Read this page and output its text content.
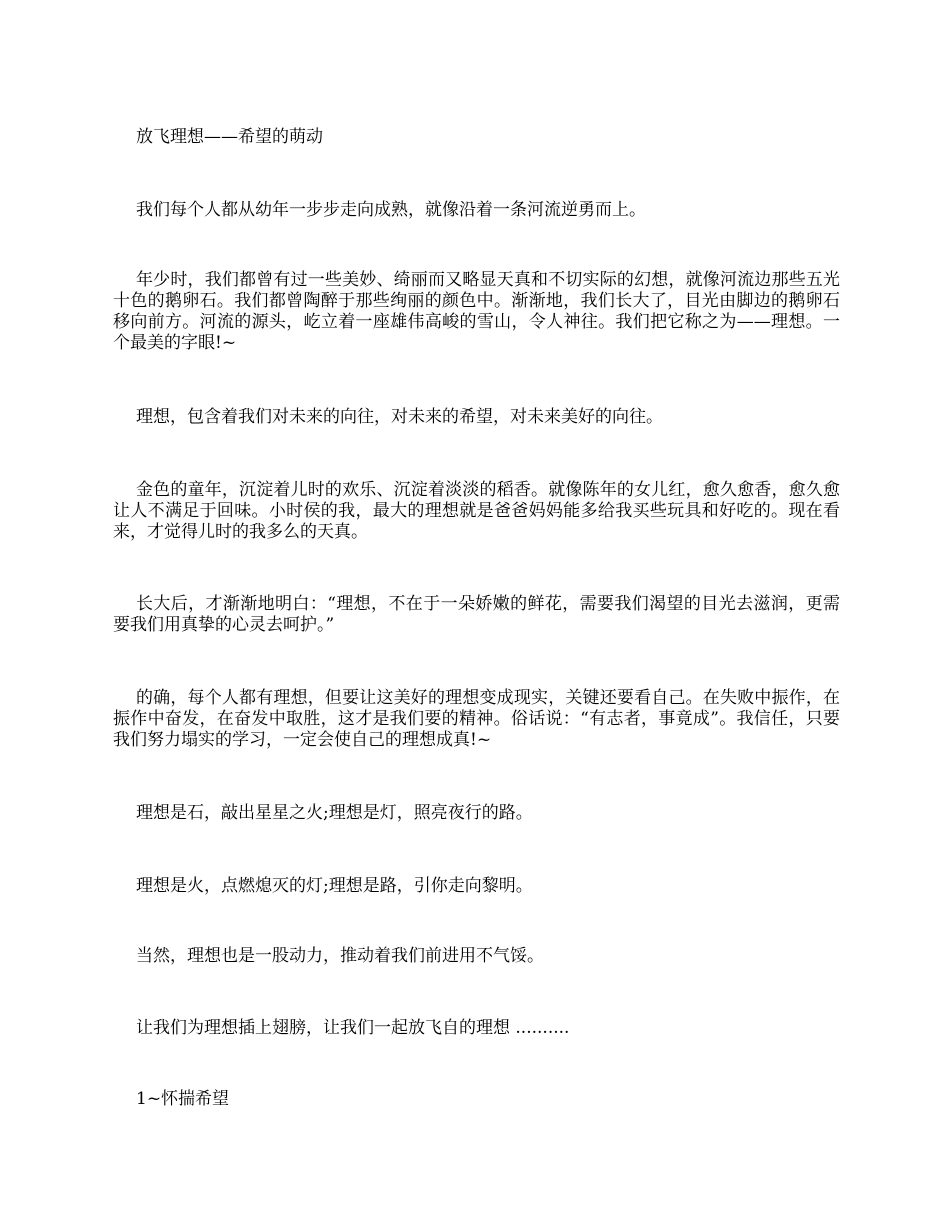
放飞理想——希望的萌动

我们每个人都从幼年一步步走向成熟，就像沿着一条河流逆勇而上。

年少时，我们都曾有过一些美妙、绮丽而又略显天真和不切实际的幻想，就像河流边那些五光十色的鹅卵石。我们都曾陶醉于那些绚丽的颜色中。渐渐地，我们长大了，目光由脚边的鹅卵石移向前方。河流的源头，屹立着一座雄伟高峻的雪山，令人神往。我们把它称之为——理想。一个最美的字眼!~

理想，包含着我们对未来的向往，对未来的希望，对未来美好的向往。

金色的童年，沉淀着儿时的欢乐、沉淀着淡淡的稻香。就像陈年的女儿红，愈久愈香，愈久愈让人不满足于回味。小时侯的我，最大的理想就是爸爸妈妈能多给我买些玩具和好吃的。现在看来，才觉得儿时的我多么的天真。

长大后，才渐渐地明白：“理想，不在于一朵娇嫩的鲜花，需要我们渴望的目光去滋润，更需要我们用真挚的心灵去呵护。”

的确，每个人都有理想，但要让这美好的理想变成现实，关键还要看自己。在失败中振作，在振作中奋发，在奋发中取胜，这才是我们要的精神。俗话说：“有志者，事竟成”。我信任，只要我们努力塌实的学习，一定会使自己的理想成真!~

理想是石，敲出星星之火;理想是灯，照亮夜行的路。

理想是火，点燃熄灭的灯;理想是路，引你走向黎明。

当然，理想也是一股动力，推动着我们前进用不气馁。

让我们为理想插上翅膀，让我们一起放飞自的理想 ..........

1~怀揣希望
